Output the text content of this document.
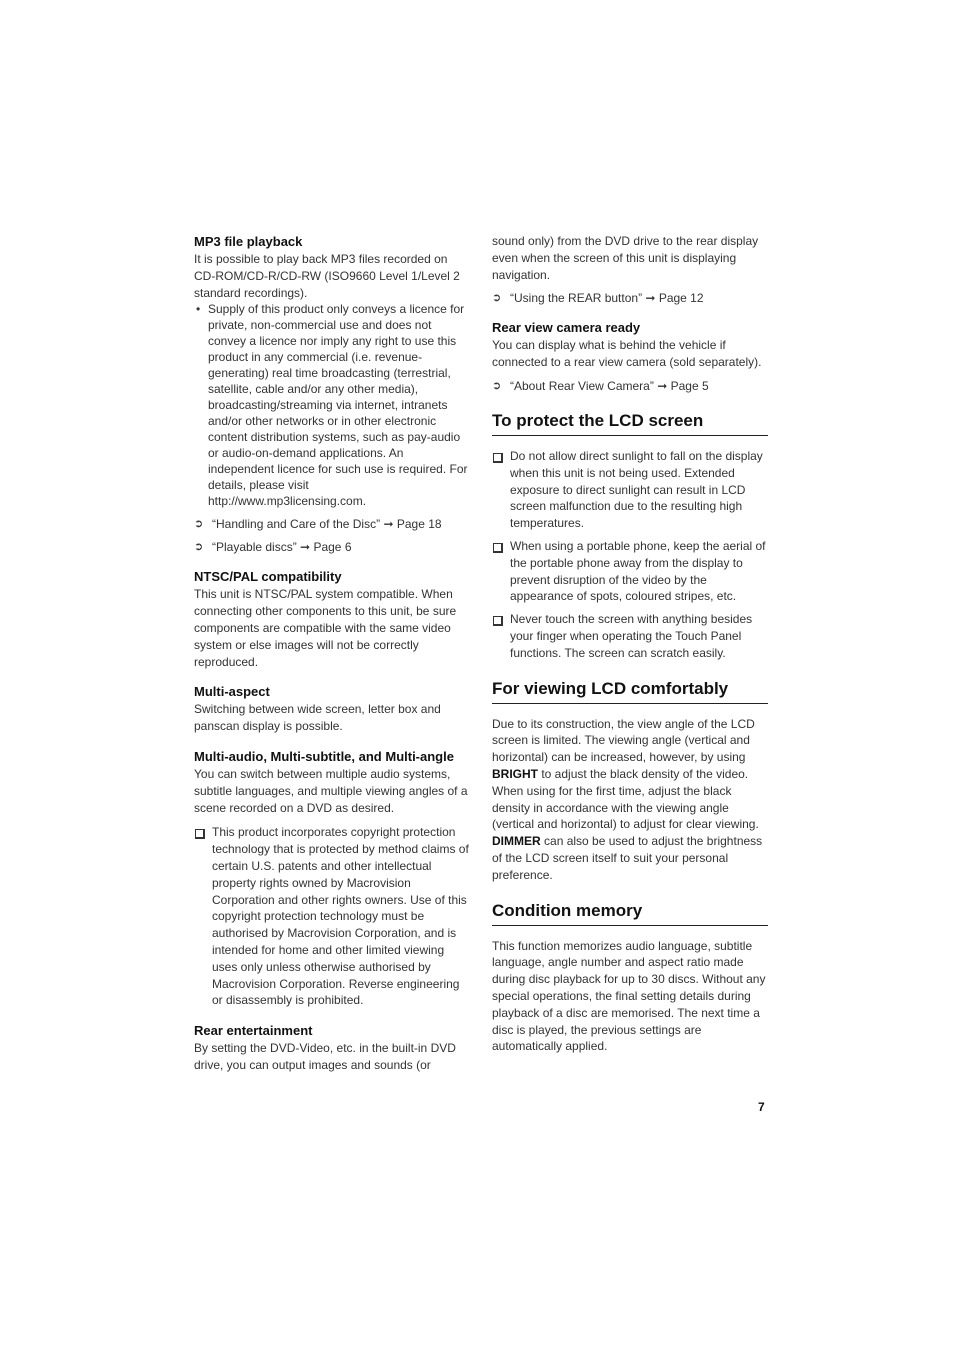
MP3 file playback

It is possible to play back MP3 files recorded on CD-ROM/CD-R/CD-RW (ISO9660 Level 1/Level 2 standard recordings).

• Supply of this product only conveys a licence for private, non-commercial use and does not convey a licence nor imply any right to use this product in any commercial (i.e. revenue-generating) real time broadcasting (terrestrial, satellite, cable and/or any other media), broadcasting/streaming via internet, intranets and/or other networks or in other electronic content distribution systems, such as pay-audio or audio-on-demand applications. An independent licence for such use is required. For details, please visit http://www.mp3licensing.com.
➲ “Handling and Care of the Disc” ➞ Page 18
➲ “Playable discs” ➞ Page 6
NTSC/PAL compatibility

This unit is NTSC/PAL system compatible. When connecting other components to this unit, be sure components are compatible with the same video system or else images will not be correctly reproduced.

Multi-aspect

Switching between wide screen, letter box and panscan display is possible.

Multi-audio, Multi-subtitle, and Multi-angle

You can switch between multiple audio systems, subtitle languages, and multiple viewing angles of a scene recorded on a DVD as desired.

This product incorporates copyright protection technology that is protected by method claims of certain U.S. patents and other intellectual property rights owned by Macrovision Corporation and other rights owners. Use of this copyright protection technology must be authorised by Macrovision Corporation, and is intended for home and other limited viewing uses only unless otherwise authorised by Macrovision Corporation. Reverse engineering or disassembly is prohibited.
Rear entertainment

By setting the DVD-Video, etc. in the built-in DVD drive, you can output images and sounds (or

sound only) from the DVD drive to the rear display even when the screen of this unit is displaying navigation.

➲ “Using the REAR button” ➞ Page 12
Rear view camera ready

You can display what is behind the vehicle if connected to a rear view camera (sold separately).

➲ “About Rear View Camera” ➞ Page 5
To protect the LCD screen
Do not allow direct sunlight to fall on the display when this unit is not being used. Extended exposure to direct sunlight can result in LCD screen malfunction due to the resulting high temperatures.
When using a portable phone, keep the aerial of the portable phone away from the display to prevent disruption of the video by the appearance of spots, coloured stripes, etc.
Never touch the screen with anything besides your finger when operating the Touch Panel functions. The screen can scratch easily.
For viewing LCD comfortably

Due to its construction, the view angle of the LCD screen is limited. The viewing angle (vertical and horizontal) can be increased, however, by using BRIGHT to adjust the black density of the video. When using for the first time, adjust the black density in accordance with the viewing angle (vertical and horizontal) to adjust for clear viewing. DIMMER can also be used to adjust the brightness of the LCD screen itself to suit your personal preference.

Condition memory

This function memorizes audio language, subtitle language, angle number and aspect ratio made during disc playback for up to 30 discs. Without any special operations, the final setting details during playback of a disc are memorised. The next time a disc is played, the previous settings are automatically applied.

7
